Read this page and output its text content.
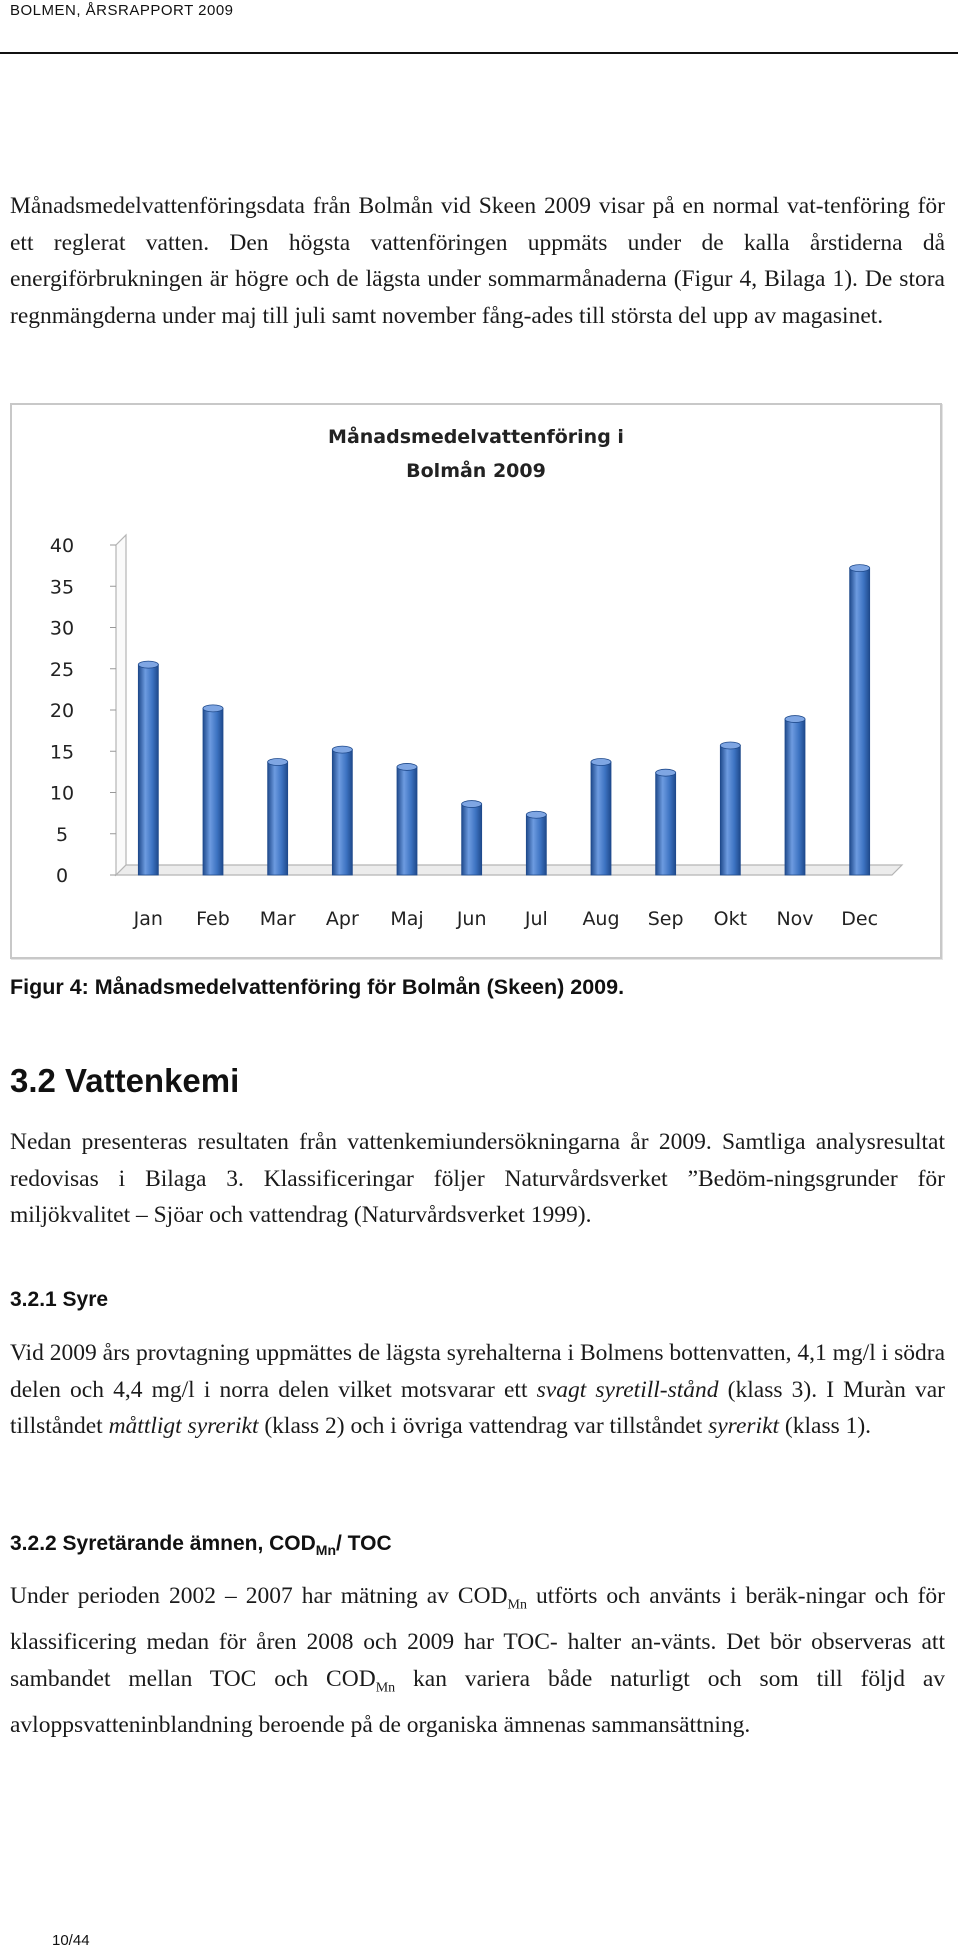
BOLMEN, ÅRSRAPPORT 2009

Månadsmedelvattenföringsdata från Bolmån vid Skeen 2009 visar på en normal vat-tenföring för ett reglerat vatten. Den högsta vattenföringen uppmäts under de kalla årstiderna då energiförbrukningen är högre och de lägsta under sommarmånaderna (Figur 4, Bilaga 1). De stora regnmängderna under maj till juli samt november fång-ades till största del upp av magasinet.

Månadsmedelvattenföring i
Bolmån 2009
0
5
10
15
20
25
30
35
40
Jan Feb Mar Apr Maj Jun Jul Aug Sep Okt Nov Dec
Figur 4: Månadsmedelvattenföring för Bolmån (Skeen) 2009.
3.2 Vattenkemi

Nedan presenteras resultaten från vattenkemiundersökningarna år 2009. Samtliga analysresultat redovisas i Bilaga 3. Klassificeringar följer Naturvårdsverket ”Bedöm-ningsgrunder för miljökvalitet – Sjöar och vattendrag (Naturvårdsverket 1999).

3.2.1 Syre

Vid 2009 års provtagning uppmättes de lägsta syrehalterna i Bolmens bottenvatten, 4,1 mg/l i södra delen och 4,4 mg/l i norra delen vilket motsvarar ett svagt syretill-stånd (klass 3). I Muràn var tillståndet måttligt syrerikt (klass 2) och i övriga vattendrag var tillståndet syrerikt (klass 1).

3.2.2 Syretärande ämnen, $COD_{Mn}/$ TOC

Under perioden 2002 – 2007 har mätning av $COD_{Mn}$ utförts och använts i beräk-ningar och för klassificering medan för åren 2008 och 2009 har TOC- halter an-vänts. Det bör observeras att sambandet mellan TOC och $COD_{Mn}$ kan variera både naturligt och som till följd av avloppsvatteninblandning beroende på de organiska ämnenas sammansättning.

10/44
